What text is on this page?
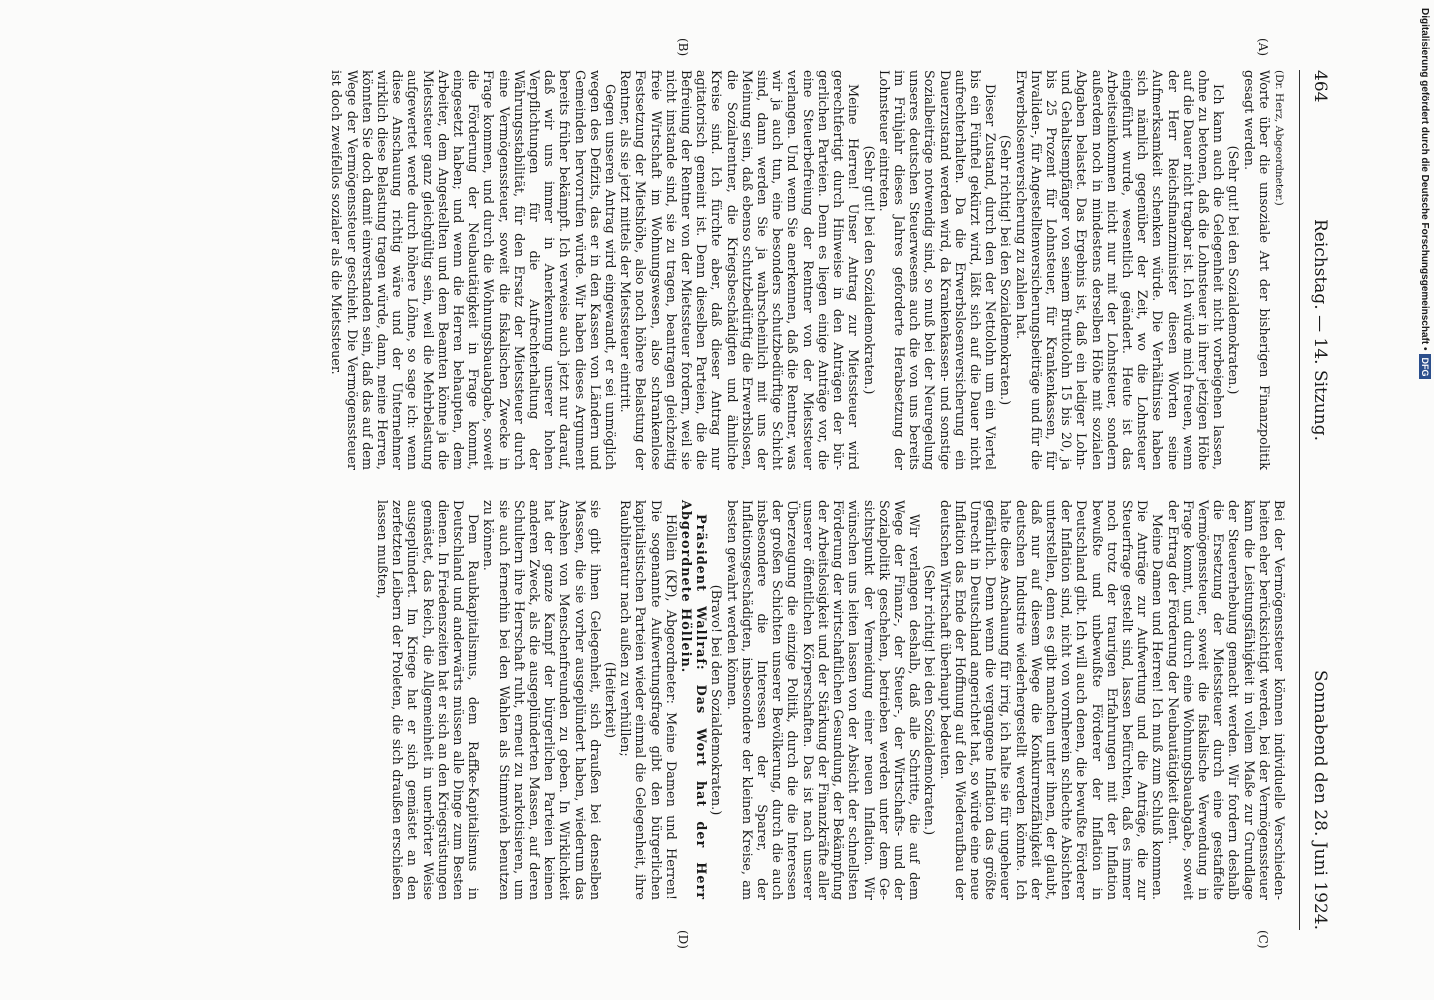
464
Reichstag. — 14. Sitzung.
Sonnabend den 28. Juni 1924.
(A)
(B)
(C)
(D)

(Dr. Herz, Abgeordneter.)

Worte über die unsoziale Art der bisherigen Finanzpolitik gesagt werden.

(Sehr gut! bei den Sozialdemokraten.)

Ich kann auch die Gelegenheit nicht vorbeigehen lassen, ohne zu betonen, daß die Lohnsteuer in ihrer jetzigen Höhe auf die Dauer nicht tragbar ist. Ich würde mich freuen, wenn der Herr Reichsfinanzminister diesen Worten seine Aufmerksamkeit schenken würde. Die Verhältnisse haben sich nämlich gegenüber der Zeit, wo die Lohnsteuer eingeführt wurde, wesentlich geändert. Heute ist das Arbeitseinkommen nicht nur mit der Lohnsteuer, sondern außerdem noch in mindestens derselben Höhe mit sozialen Abgaben belastet. Das Ergebnis ist, daß ein lediger Lohn- und Gehaltsempfänger von seinem Bruttolohn 15 bis 20, ja bis 25 Prozent für Lohnsteuer, für Krankenkassen, für Invaliden-, für Angestelltenversicherungsbeiträge und für die Erwerbslosenversicherung zu zahlen hat.

(Sehr richtig! bei den Sozialdemokraten.)

Dieser Zustand, durch den der Nettolohn um ein Viertel bis ein Fünftel gekürzt wird, läßt sich auf die Dauer nicht aufrechterhalten. Da die Erwerbslosenversicherung ein Dauerzustand werden wird, da Krankenkassen- und sonstige Sozialbeiträge notwendig sind, so muß bei der Neuregelung unseres deutschen Steuerwesens auch die von uns bereits im Frühjahr dieses Jahres geforderte Herabsetzung der Lohnsteuer eintreten.

(Sehr gut! bei den Sozialdemokraten.)

Meine Herren! Unser Antrag zur Mietssteuer wird gerechtfertigt durch Hinweise in den Anträgen der bürgerlichen Parteien. Denn es liegen einige Anträge vor, die eine Steuerbefreiung der Rentner von der Mietssteuer verlangen. Und wenn Sie anerkennen, daß die Rentner, was wir ja auch tun, eine besonders schutzbedürftige Schicht sind, dann werden Sie ja wahrscheinlich mit uns der Meinung sein, daß ebenso schutzbedürftig die Erwerbslosen, die Sozialrentner, die Kriegsbeschädigten und ähnliche Kreise sind. Ich fürchte aber, daß dieser Antrag nur agitatorisch gemeint ist. Denn dieselben Parteien, die die Befreiung der Rentner von der Mietssteuer fordern, weil sie nicht imstande sind, sie zu tragen, beantragen gleichzeitig freie Wirtschaft im Wohnungswesen, also schrankenlose Festsetzung der Mietshöhe, also noch höhere Belastung der Rentner, als sie jetzt mittels der Mietssteuer eintritt.

Gegen unseren Antrag wird eingewandt, er sei unmöglich wegen des Defizits, das er in den Kassen von Ländern und Gemeinden hervorrufen würde. Wir haben dieses Argument bereits früher bekämpft. Ich verweise auch jetzt nur darauf, daß wir uns immer in Anerkennung unserer hohen Verpflichtungen für die Aufrechterhaltung der Währungsstabilität, für den Ersatz der Mietssteuer durch eine Vermögenssteuer, soweit die fiskalischen Zwecke in Frage kommen, und durch die Wohnungsbauabgabe, soweit die Förderung der Neubautätigkeit in Frage kommt, eingesetzt haben; und wenn die Herren behaupten, dem Arbeiter, dem Angestellten und dem Beamten könne ja die Mietssteuer ganz gleichgültig sein, weil die Mehrbelastung aufgewertet werde durch höhere Löhne, so sage ich: wenn diese Anschauung richtig wäre und der Unternehmer wirklich diese Belastung tragen würde, dann, meine Herren, könnten Sie doch damit einverstanden sein, daß das auf dem Wege der Vermögenssteuer geschieht. Die Vermögenssteuer ist doch zweifellos sozialer als die Mietssteuer.

Bei der Vermögenssteuer können individuelle Verschiedenheiten eher berücksichtigt werden, bei der Vermögenssteuer kann die Leistungsfähigkeit in vollem Maße zur Grundlage der Steuererhebung gemacht werden. Wir fordern deshalb die Ersetzung der Mietssteuer durch eine gestaffelte Vermögenssteuer, soweit die fiskalische Verwendung in Frage kommt, und durch eine Wohnungsbauabgabe, soweit der Ertrag der Förderung der Neubautätigkeit dient.

Meine Damen und Herren! Ich muß zum Schluß kommen. Die Anträge zur Aufwertung und die Anträge, die zur Steuerfrage gestellt sind, lassen befürchten, daß es immer noch trotz der traurigen Erfahrungen mit der Inflation bewußte und unbewußte Förderer der Inflation in Deutschland gibt. Ich will auch denen, die bewußte Förderer der Inflation sind, nicht von vornherein schlechte Absichten unterstellen, denn es gibt manchen unter ihnen, der glaubt, daß nur auf diesem Wege die Konkurrenzfähigkeit der deutschen Industrie wiederhergestellt werden könnte. Ich halte diese Anschauung für irrig, ich halte sie für ungeheuer gefährlich. Denn wenn die vergangene Inflation das größte Unrecht in Deutschland angerichtet hat, so würde eine neue Inflation das Ende der Hoffnung auf den Wiederaufbau der deutschen Wirtschaft überhaupt bedeuten.

(Sehr richtig! bei den Sozialdemokraten.)

Wir verlangen deshalb, daß alle Schritte, die auf dem Wege der Finanz-, der Steuer-, der Wirtschafts- und der Sozialpolitik geschehen, betrieben werden unter dem Gesichtspunkt der Vermeidung einer neuen Inflation. Wir wünschen uns leiten lassen von der Absicht der schnellsten Förderung der wirtschaftlichen Gesundung, der Bekämpfung der Arbeitslosigkeit und der Stärkung der Finanzkräfte aller unserer öffentlichen Körperschaften. Das ist nach unserer Überzeugung die einzige Politik, durch die die Interessen der großen Schichten unserer Bevölkerung, durch die auch insbesondere die Interessen der Sparer, der Inflationsgeschädigten, insbesondere der kleinen Kreise, am besten gewahrt werden können.

(Bravo! bei den Sozialdemokraten.)

Präsident Wallraf: Das Wort hat der Herr Abgeordnete Höllein.

Höllein (KP), Abgeordneter: Meine Damen und Herren! Die sogenannte Aufwertungsfrage gibt den bürgerlichen kapitalistischen Parteien wieder einmal die Gelegenheit, ihre Raubliteratur nach außen zu verhüllen;

(Heiterkeit)

sie gibt ihnen Gelegenheit, sich draußen bei denselben Massen, die sie vorher ausgeplündert haben, wiederum das Ansehen von Menschenfreunden zu geben. In Wirklichkeit hat der ganze Kampf der bürgerlichen Parteien keinen anderen Zweck, als die ausgeplünderten Massen, auf deren Schultern ihre Herrschaft ruht, erneut zu narkotisieren, um sie auch fernerhin bei den Wahlen als Stimmvieh benutzen zu können.

Dem Raubkapitalismus, dem Raffke-Kapitalismus in Deutschland und anderwärts müssen alle Dinge zum Besten dienen. In Friedenszeiten hat er sich an den Kriegsrüstungen gemästet, das Reich, die Allgemeinheit in unerhörter Weise ausgeplündert. Im Kriege hat er sich gemästet an den zerfetzten Leibern der Proleten, die sich draußen erschießen lassen mußten,

Digitalisierung gefördert durch die Deutsche Forschungsgemeinschaft •
DFG
